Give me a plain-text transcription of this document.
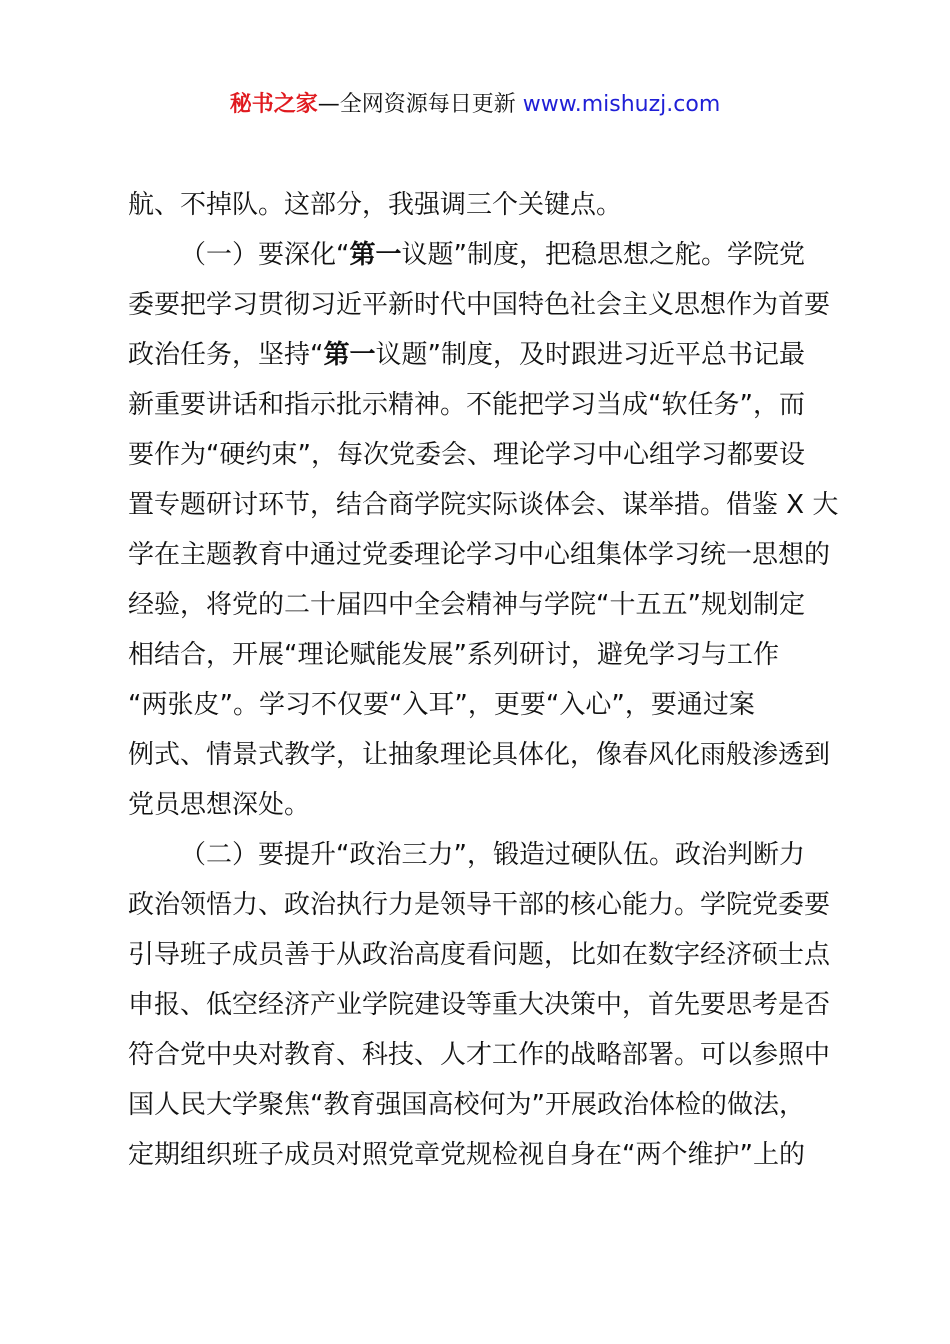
秘书之家—全网资源每日更新 www.mishuzj.com
航、不掉队。这部分，我强调三个关键点。
（一）要深化“第一议题”制度，把稳思想之舵。学院党
委要把学习贯彻习近平新时代中国特色社会主义思想作为首要
政治任务，坚持“第一议题”制度，及时跟进习近平总书记最
新重要讲话和指示批示精神。不能把学习当成“软任务”，而
要作为“硬约束”，每次党委会、理论学习中心组学习都要设
置专题研讨环节，结合商学院实际谈体会、谋举措。借鉴 X 大
学在主题教育中通过党委理论学习中心组集体学习统一思想的
经验，将党的二十届四中全会精神与学院“十五五”规划制定
相结合，开展“理论赋能发展”系列研讨，避免学习与工作
“两张皮”。学习不仅要“入耳”，更要“入心”，要通过案
例式、情景式教学，让抽象理论具体化，像春风化雨般渗透到
党员思想深处。
（二）要提升“政治三力”，锻造过硬队伍。政治判断力
政治领悟力、政治执行力是领导干部的核心能力。学院党委要
引导班子成员善于从政治高度看问题，比如在数字经济硕士点
申报、低空经济产业学院建设等重大决策中，首先要思考是否
符合党中央对教育、科技、人才工作的战略部署。可以参照中
国人民大学聚焦“教育强国高校何为”开展政治体检的做法，
定期组织班子成员对照党章党规检视自身在“两个维护”上的
